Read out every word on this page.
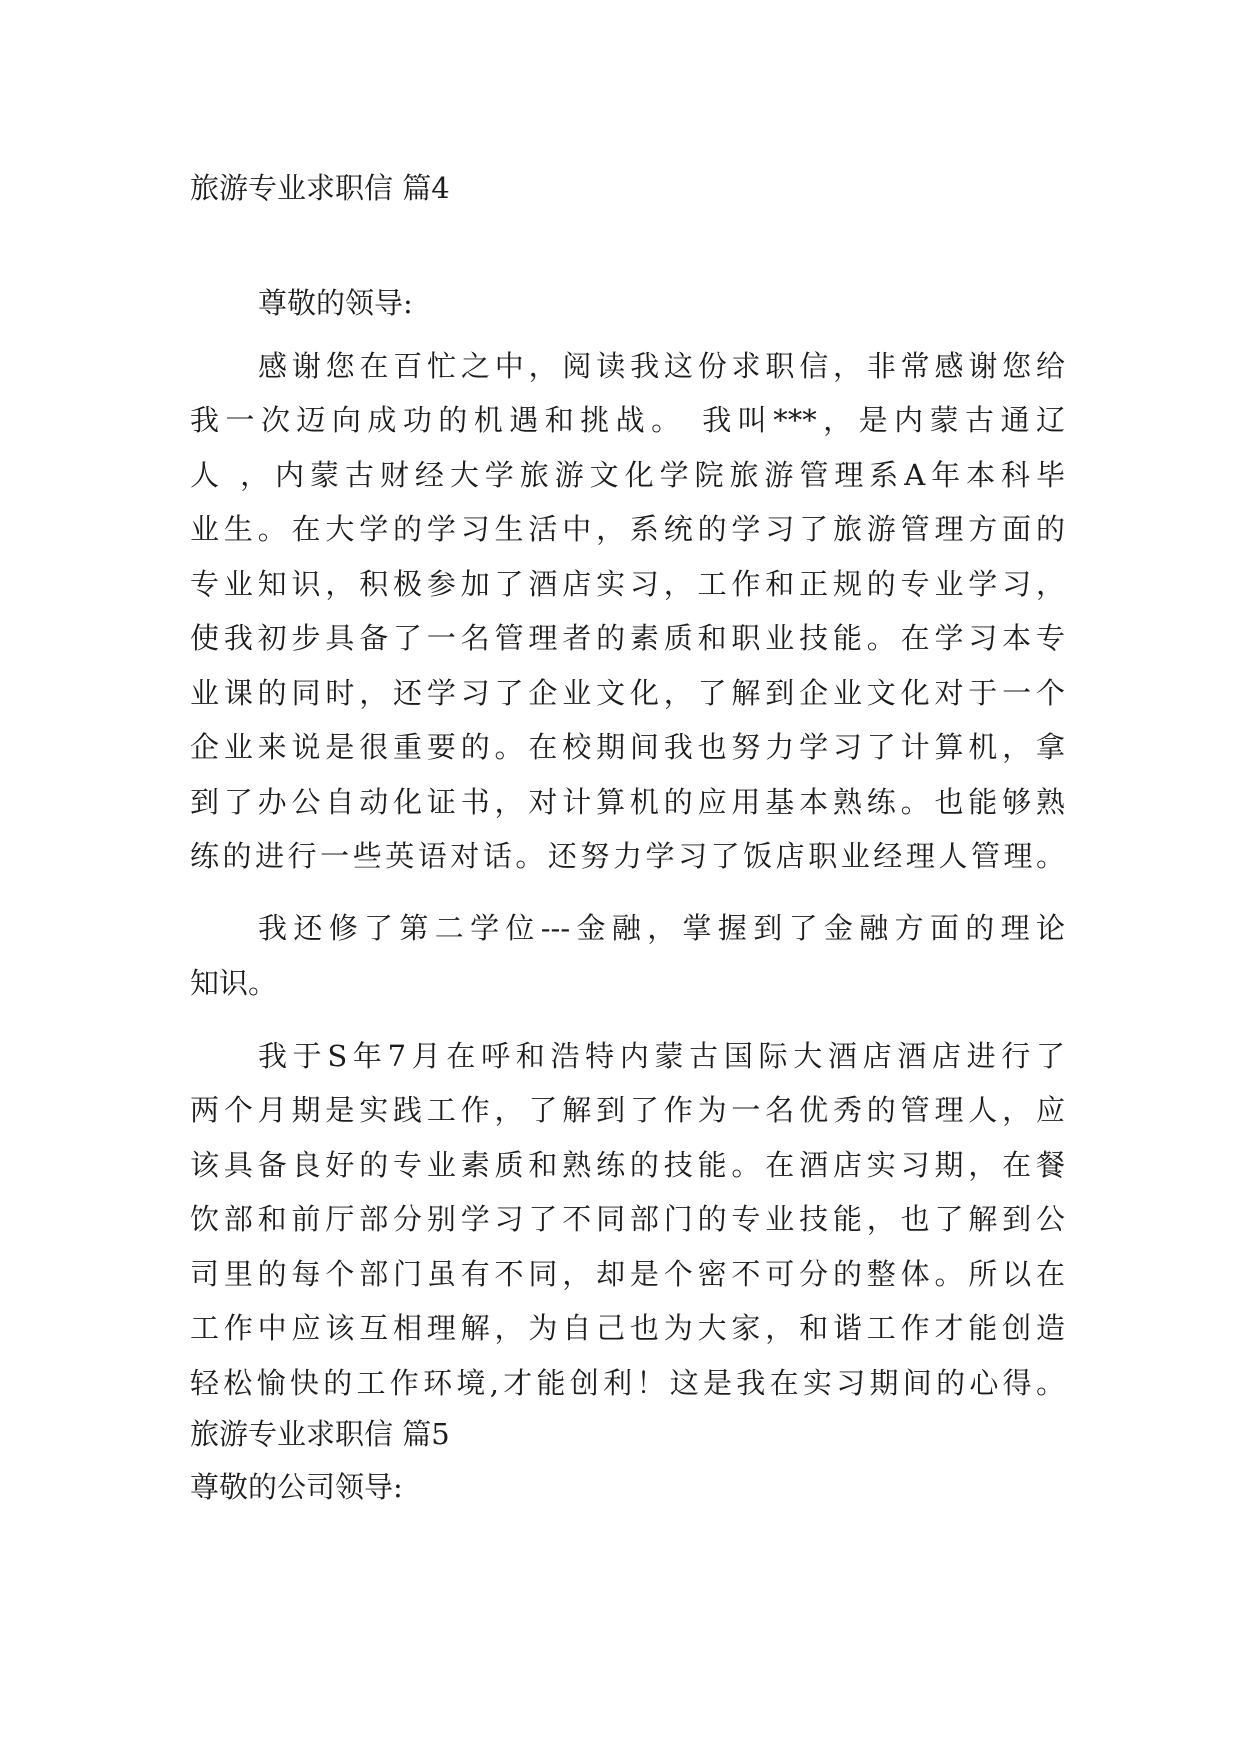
旅游专业求职信 篇4
尊敬的领导:
感谢您在百忙之中，阅读我这份求职信，非常感谢您给
我一次迈向成功的机遇和挑战。 我叫***，是内蒙古通辽
人 ，内蒙古财经大学旅游文化学院旅游管理系A年本科毕
业生。在大学的学习生活中，系统的学习了旅游管理方面的
专业知识，积极参加了酒店实习，工作和正规的专业学习，
使我初步具备了一名管理者的素质和职业技能。在学习本专
业课的同时，还学习了企业文化，了解到企业文化对于一个
企业来说是很重要的。在校期间我也努力学习了计算机，拿
到了办公自动化证书，对计算机的应用基本熟练。也能够熟
练的进行一些英语对话。还努力学习了饭店职业经理人管理。
我还修了第二学位---金融，掌握到了金融方面的理论
知识。
我于S年7月在呼和浩特内蒙古国际大酒店酒店进行了
两个月期是实践工作，了解到了作为一名优秀的管理人，应
该具备良好的专业素质和熟练的技能。在酒店实习期，在餐
饮部和前厅部分别学习了不同部门的专业技能，也了解到公
司里的每个部门虽有不同，却是个密不可分的整体。所以在
工作中应该互相理解，为自己也为大家，和谐工作才能创造
轻松愉快的工作环境,才能创利！这是我在实习期间的心得。
旅游专业求职信 篇5
尊敬的公司领导:
